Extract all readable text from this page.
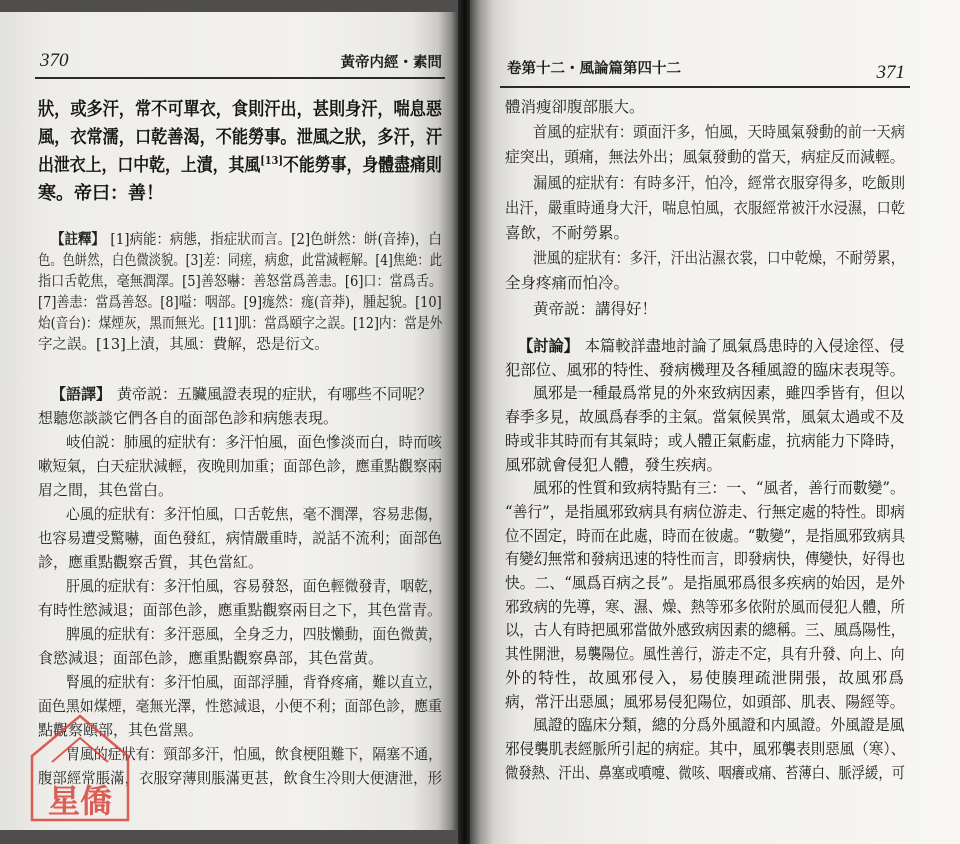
370	黃帝内經・素問
狀，或多汗，常不可單衣，食則汗出，甚則身汗，喘息惡
風，衣常濡，口乾善渴，不能勞事。泄風之狀，多汗，汗
出泄衣上，口中乾，上漬，其風[13]不能勞事，身體盡痛則
寒。帝曰：善！
【註釋】 [1]病能：病態，指症狀而言。[2]色皏然：皏(音捧)，白
色。色皏然，白色微淡貌。[3]差：同瘥，病愈，此當減輕解。[4]焦絶：此
指口舌乾焦，毫無潤澤。[5]善怒嚇：善怒當爲善恚。[6]口：當爲舌。
[7]善恚：當爲善怒。[8]嗌：咽部。[9]痝然：痝(音莽)，腫起貌。[10]
炲(音台)：煤煙灰，黑而無光。[11]肌：當爲頤字之誤。[12]内：當是外
字之誤。[13]上漬，其風：費解，恐是衍文。
【語譯】 黄帝説：五臟風證表現的症狀，有哪些不同呢？
想聽您談談它們各自的面部色診和病態表現。
岐伯説：肺風的症狀有：多汗怕風，面色慘淡而白，時而咳
嗽短氣，白天症狀減輕，夜晚則加重；面部色診，應重點觀察兩
眉之間，其色當白。
心風的症狀有：多汗怕風，口舌乾焦，毫不潤澤，容易悲傷，
也容易遭受驚嚇，面色發紅，病情嚴重時，説話不流利；面部色
診，應重點觀察舌質，其色當紅。
肝風的症狀有：多汗怕風，容易發怒，面色輕微發青，咽乾，
有時性慾減退；面部色診，應重點觀察兩目之下，其色當青。
脾風的症狀有：多汗惡風，全身乏力，四肢懶動，面色微黄，
食慾減退；面部色診，應重點觀察鼻部，其色當黄。
腎風的症狀有：多汗怕風，面部浮腫，背脊疼痛，難以直立，
面色黑如煤煙，毫無光澤，性慾減退，小便不利；面部色診，應重
點觀察頤部，其色當黑。
胃風的症狀有：頸部多汗，怕風，飲食梗阻難下，隔塞不通，
腹部經常脹滿，衣服穿薄則脹滿更甚，飲食生冷則大便溏泄，形
星僑
卷第十二・風論篇第四十二	371
體消瘦卻腹部脹大。
首風的症狀有：頭面汗多，怕風，天時風氣發動的前一天病
症突出，頭痛，無法外出；風氣發動的當天，病症反而減輕。
漏風的症狀有：有時多汗，怕冷，經常衣服穿得多，吃飯則
出汗，嚴重時通身大汗，喘息怕風，衣服經常被汗水浸濕，口乾
喜飲，不耐勞累。
泄風的症狀有：多汗，汗出沾濕衣裳，口中乾燥，不耐勞累，
全身疼痛而怕冷。
黄帝説：講得好！
【討論】 本篇較詳盡地討論了風氣爲患時的入侵途徑、侵
犯部位、風邪的特性、發病機理及各種風證的臨床表現等。
風邪是一種最爲常見的外來致病因素，雖四季皆有，但以
春季多見，故風爲春季的主氣。當氣候異常，風氣太過或不及
時或非其時而有其氣時；或人體正氣虧虚，抗病能力下降時，
風邪就會侵犯人體，發生疾病。
風邪的性質和致病特點有三：一、“風者，善行而數變”。
“善行”，是指風邪致病具有病位游走、行無定處的特性。即病
位不固定，時而在此處，時而在彼處。“數變”，是指風邪致病具
有變幻無常和發病迅速的特性而言，即發病快，傳變快，好得也
快。二、“風爲百病之長”。是指風邪爲很多疾病的始因，是外
邪致病的先導，寒、濕、燥、熱等邪多依附於風而侵犯人體，所
以，古人有時把風邪當做外感致病因素的總稱。三、風爲陽性，
其性開泄，易襲陽位。風性善行，游走不定，具有升發、向上、向
外的特性，故風邪侵入，易使腠理疏泄開張，故風邪爲
病，常汗出惡風；風邪易侵犯陽位，如頭部、肌表、陽經等。
風證的臨床分類，總的分爲外風證和内風證。外風證是風
邪侵襲肌表經脈所引起的病症。其中，風邪襲表則惡風（寒）、
微發熱、汗出、鼻塞或噴嚏、微咳、咽癢或痛、苔薄白、脈浮緩，可
